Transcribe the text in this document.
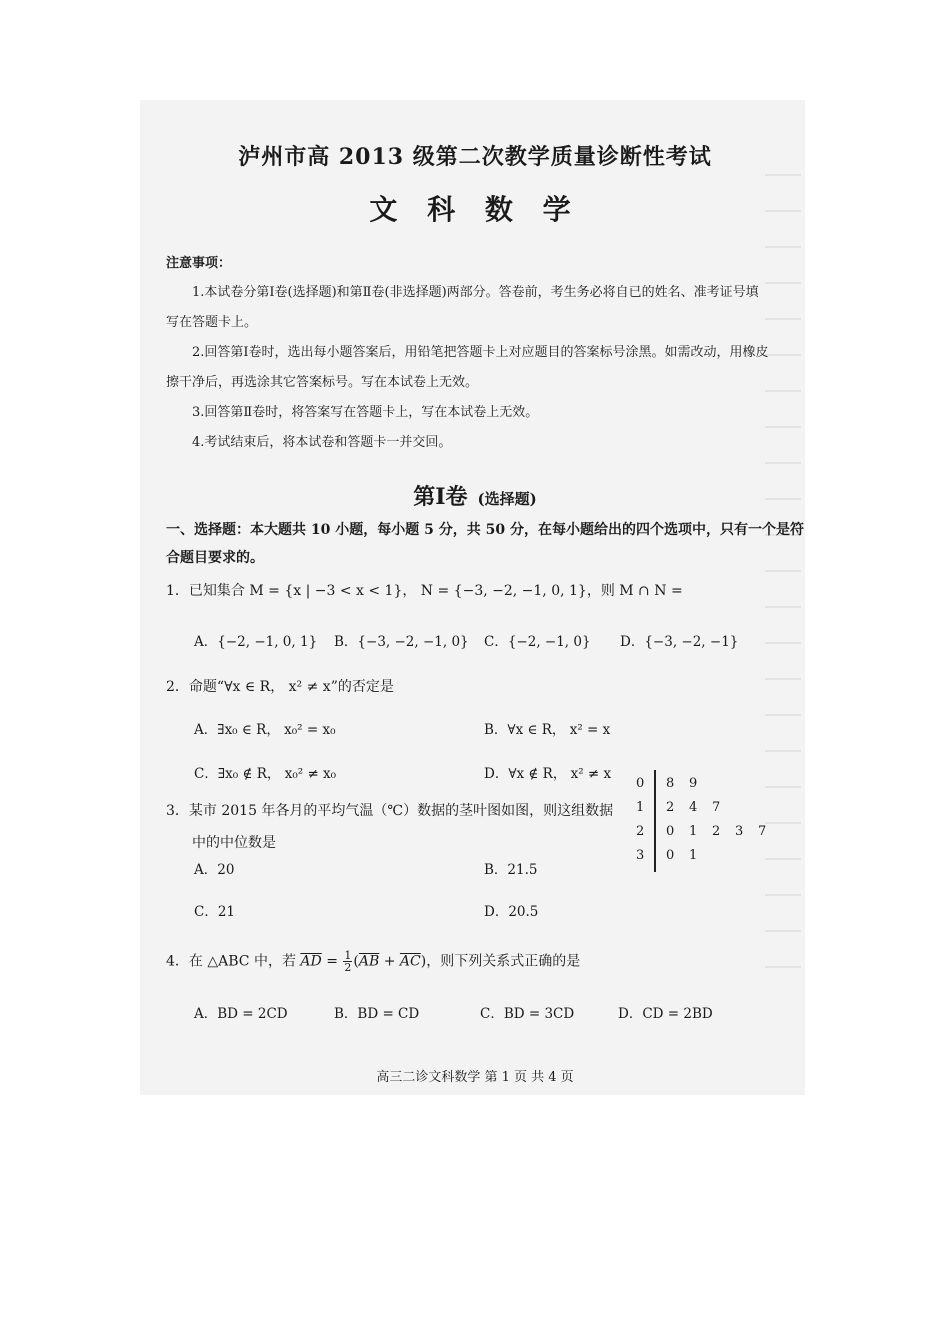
泸州市高 2013 级第二次教学质量诊断性考试
文 科 数 学
注意事项：
1.本试卷分第Ⅰ卷(选择题)和第Ⅱ卷(非选择题)两部分。答卷前，考生务必将自已的姓名、准考证号填
写在答题卡上。
2.回答第Ⅰ卷时，选出每小题答案后，用铅笔把答题卡上对应题目的答案标号涂黑。如需改动，用橡皮
擦干净后，再选涂其它答案标号。写在本试卷上无效。
3.回答第Ⅱ卷时，将答案写在答题卡上，写在本试卷上无效。
4.考试结束后，将本试卷和答题卡一并交回。
第Ⅰ卷 (选择题)
一、选择题：本大题共 10 小题，每小题 5 分，共 50 分，在每小题给出的四个选项中，只有一个是符合题目要求的。
1．已知集合 M = {x | −3 < x < 1}， N = {−3, −2, −1, 0, 1}，则 M ∩ N =
A．{−2, −1, 0, 1} B．{−3, −2, −1, 0} C．{−2, −1, 0} D．{−3, −2, −1}
2．命题“∀x ∈ R， x² ≠ x”的否定是
A．∃x₀ ∈ R， x₀² = x₀	B．∀x ∈ R， x² = x
C．∃x₀ ∉ R， x₀² ≠ x₀	D．∀x ∉ R， x² ≠ x
3．某市 2015 年各月的平均气温（℃）数据的茎叶图如图，则这组数据
中的中位数是
A．20	B．21.5
C．21	D．20.5
0 8 9
1 2 4 7
2 0 1 2 3 7
3 0 1
4．在 △ABC 中，若 $\overline{AD} = \frac{1}{2} (\overline{AB} + \overline{AC})$，则下列关系式正确的是
A．BD = 2CD	B．BD = CD	C．BD = 3CD	D．CD = 2BD
高三二诊文科数学 第 1 页 共 4 页
